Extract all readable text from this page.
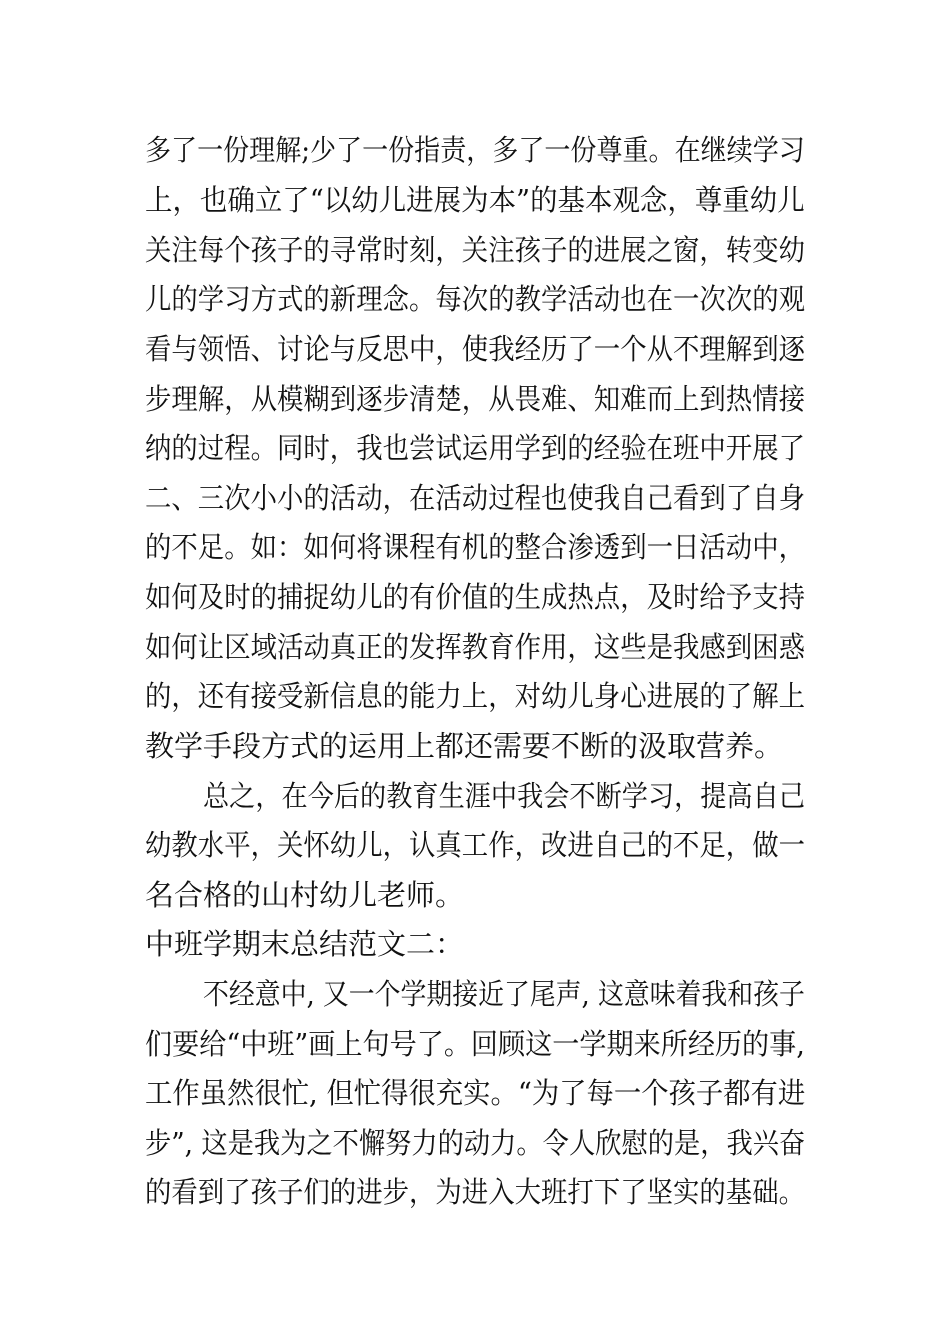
多了一份理解;少了一份指责，多了一份尊重。在继续学习

上，也确立了“以幼儿进展为本”的基本观念，尊重幼儿

关注每个孩子的寻常时刻，关注孩子的进展之窗，转变幼

儿的学习方式的新理念。每次的教学活动也在一次次的观

看与领悟、讨论与反思中，使我经历了一个从不理解到逐

步理解，从模糊到逐步清楚，从畏难、知难而上到热情接

纳的过程。同时，我也尝试运用学到的经验在班中开展了

二、三次小小的活动，在活动过程也使我自己看到了自身

的不足。如：如何将课程有机的整合渗透到一日活动中，

如何及时的捕捉幼儿的有价值的生成热点，及时给予支持

如何让区域活动真正的发挥教育作用，这些是我感到困惑

的，还有接受新信息的能力上，对幼儿身心进展的了解上

教学手段方式的运用上都还需要不断的汲取营养。

总之，在今后的教育生涯中我会不断学习，提高自己

幼教水平，关怀幼儿，认真工作，改进自己的不足，做一

名合格的山村幼儿老师。

中班学期末总结范文二：

不经意中, 又一个学期接近了尾声, 这意味着我和孩子

们要给“中班”画上句号了。回顾这一学期来所经历的事,

工作虽然很忙, 但忙得很充实。“为了每一个孩子都有进

步”, 这是我为之不懈努力的动力。令人欣慰的是，我兴奋

的看到了孩子们的进步，为进入大班打下了坚实的基础。
